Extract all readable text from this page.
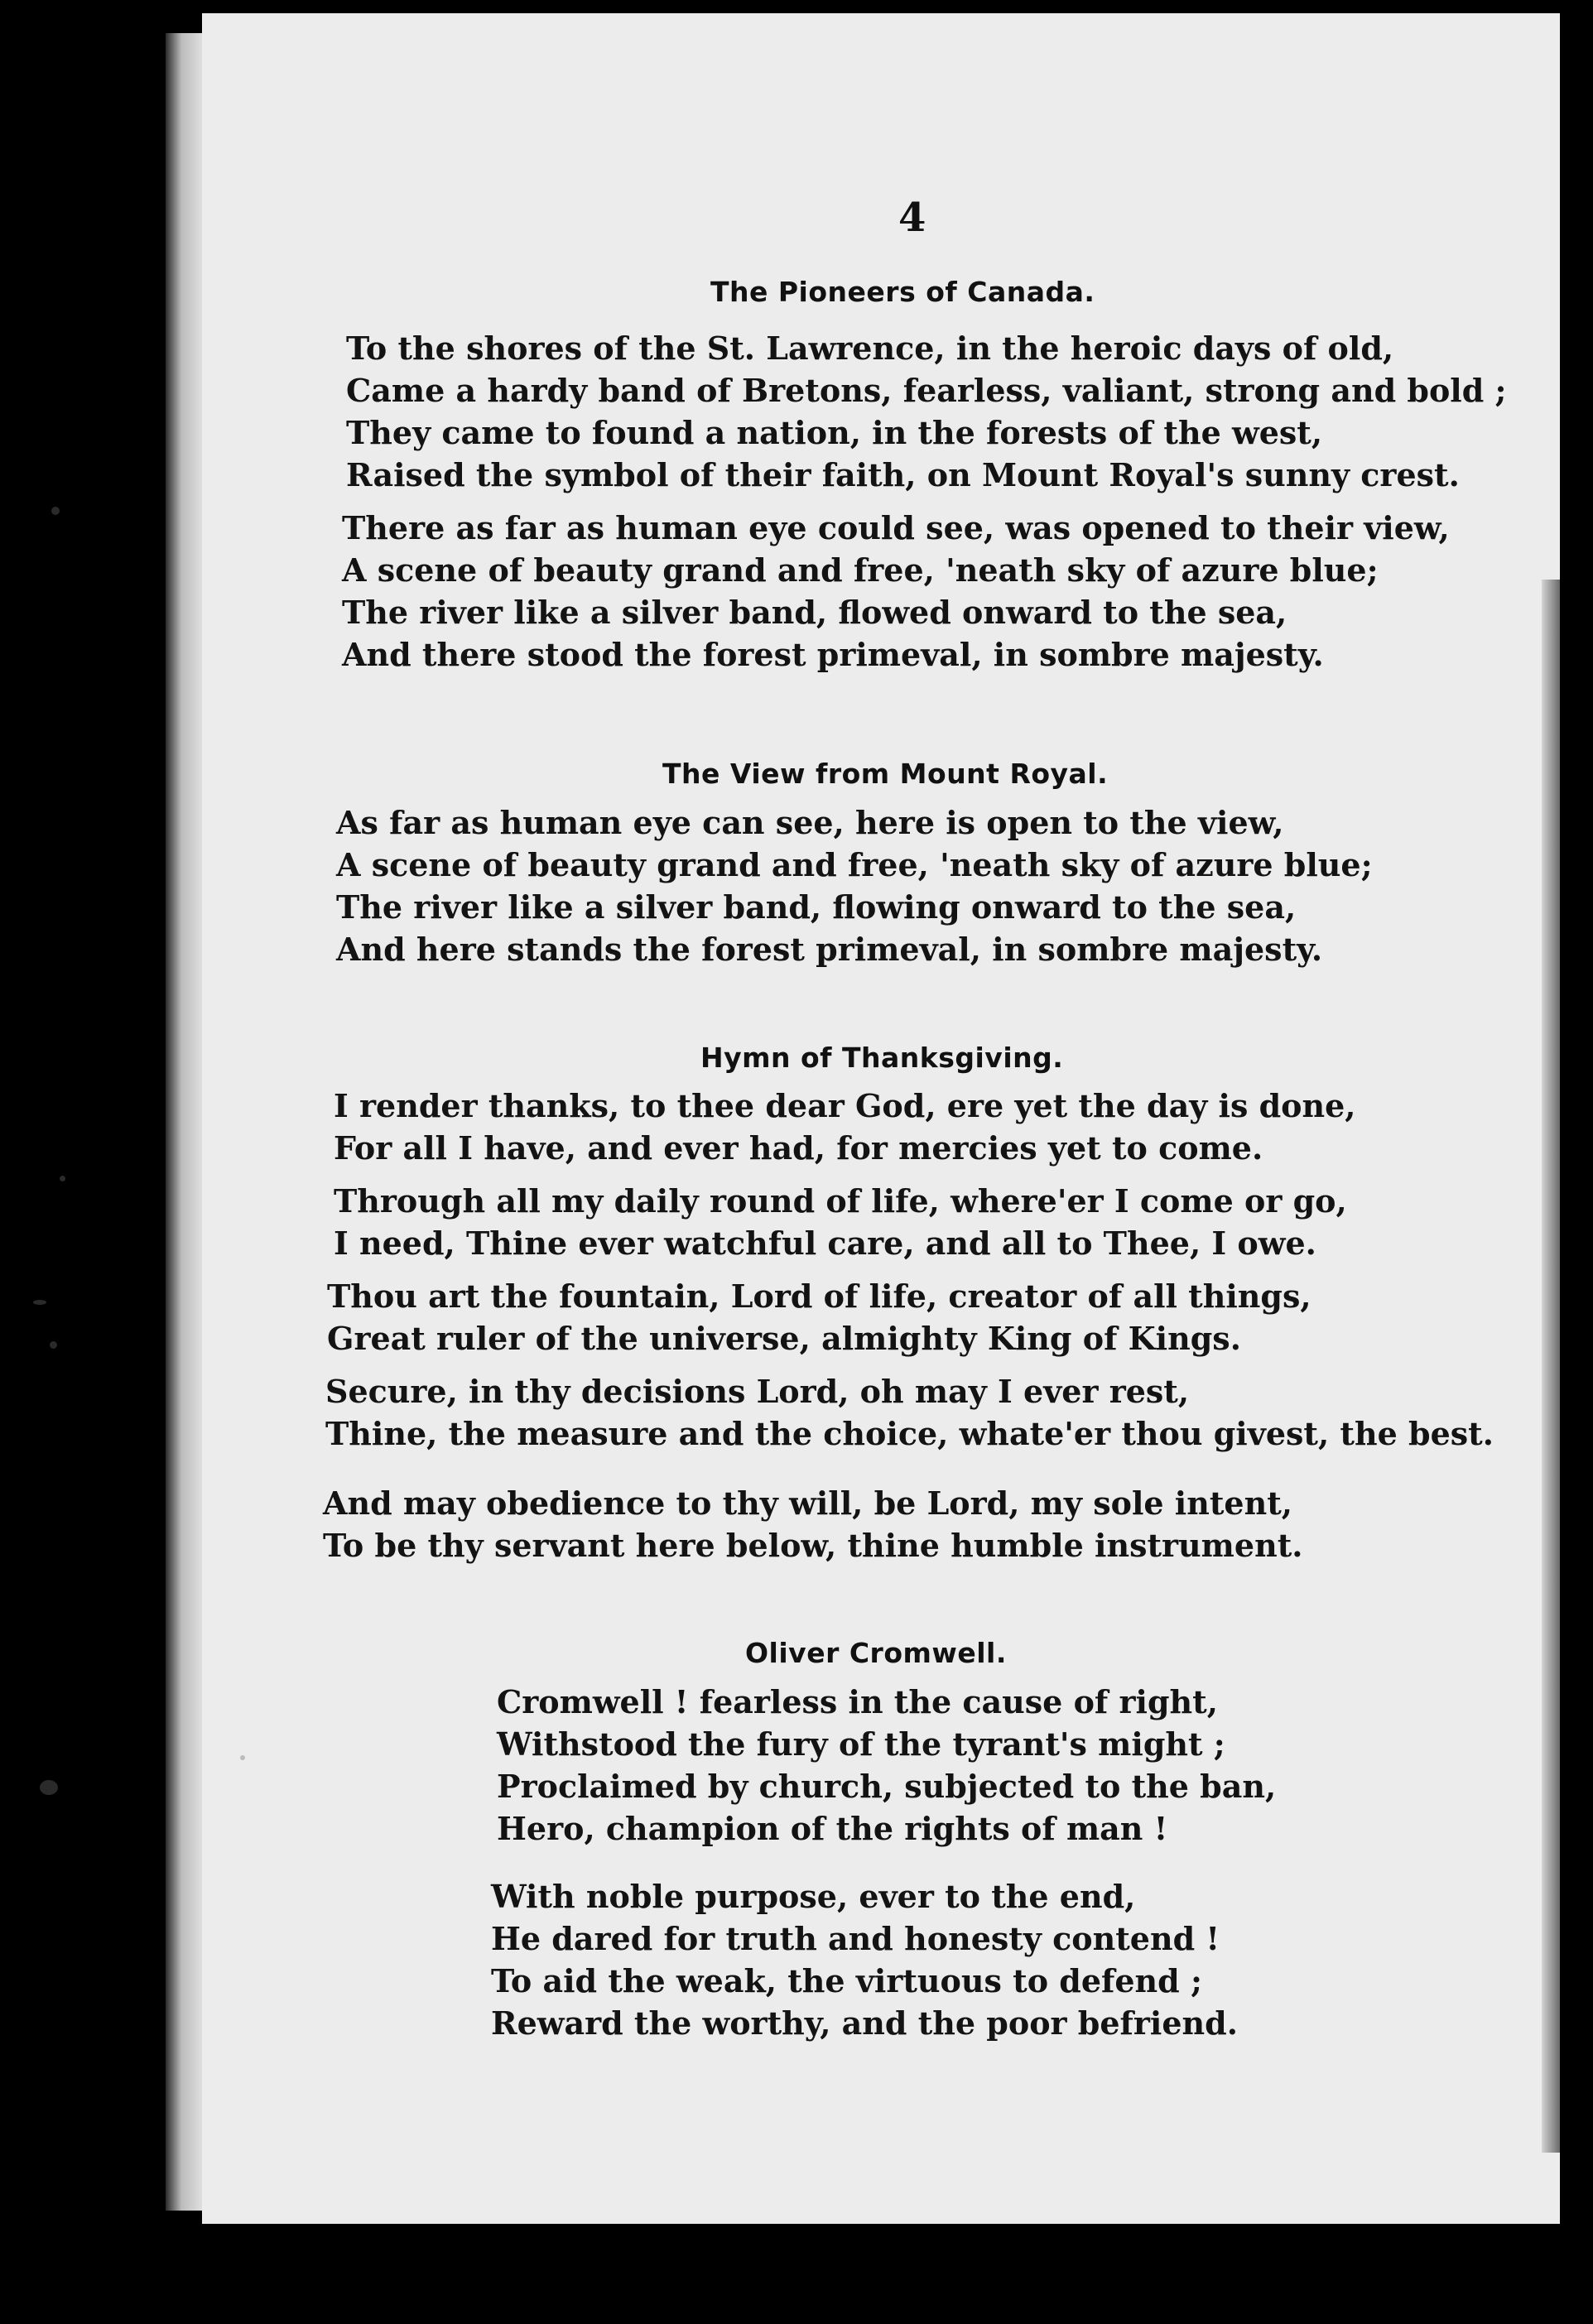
4
The Pioneers of Canada.
To the shores of the St. Lawrence, in the heroic days of old,
Came a hardy band of Bretons, fearless, valiant, strong and bold ;
They came to found a nation, in the forests of the west,
Raised the symbol of their faith, on Mount Royal's sunny crest.
There as far as human eye could see, was opened to their view,
A scene of beauty grand and free, 'neath sky of azure blue;
The river like a silver band, flowed onward to the sea,
And there stood the forest primeval, in sombre majesty.
The View from Mount Royal.
As far as human eye can see, here is open to the view,
A scene of beauty grand and free, 'neath sky of azure blue;
The river like a silver band, flowing onward to the sea,
And here stands the forest primeval, in sombre majesty.
Hymn of Thanksgiving.
I render thanks, to thee dear God, ere yet the day is done,
For all I have, and ever had, for mercies yet to come.
Through all my daily round of life, where'er I come or go,
I need, Thine ever watchful care, and all to Thee, I owe.
Thou art the fountain, Lord of life, creator of all things,
Great ruler of the universe, almighty King of Kings.
Secure, in thy decisions Lord, oh may I ever rest,
Thine, the measure and the choice, whate'er thou givest, the best.
And may obedience to thy will, be Lord, my sole intent,
To be thy servant here below, thine humble instrument.
Oliver Cromwell.
Cromwell ! fearless in the cause of right,
Withstood the fury of the tyrant's might ;
Proclaimed by church, subjected to the ban,
Hero, champion of the rights of man !
With noble purpose, ever to the end,
He dared for truth and honesty contend !
To aid the weak, the virtuous to defend ;
Reward the worthy, and the poor befriend.
